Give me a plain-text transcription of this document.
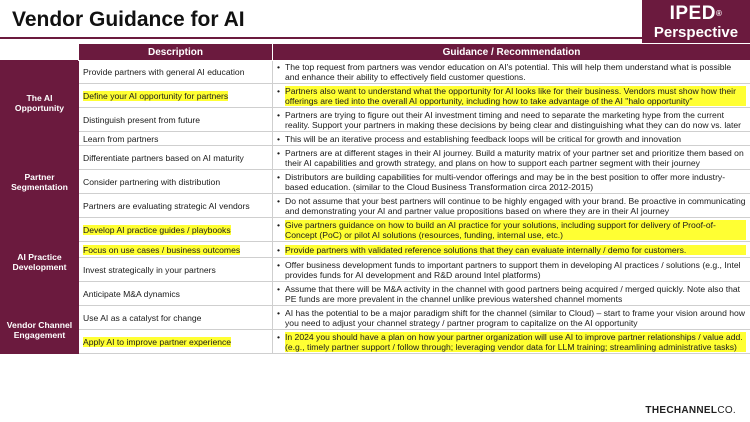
Vendor Guidance for AI	IPED®
Perspective
	Description	Guidance / Recommendation
The AI Opportunity	Provide partners with general AI education	• The top request from partners was vendor education on AI's potential. This will help them understand what is possible and enhance their ability to effectively field customer questions.

	Define your AI opportunity for partners	• Partners also want to understand what the opportunity for AI looks like for their business. Vendors must show how their offerings are tied into the overall AI opportunity, including how to take advantage of the AI "halo opportunity"

	Distinguish present from future	• Partners are trying to figure out their AI investment timing and need to separate the marketing hype from the current reality. Support your partners in making these decisions by being clear and distinguishing what they can do now vs. later

	Learn from partners	• This will be an iterative process and establishing feedback loops will be critical for growth and innovation

Partner Segmentation	Differentiate partners based on AI maturity	• Partners are at different stages in their AI journey. Build a maturity matrix of your partner set and prioritize them based on their AI capabilities and growth strategy, and plans on how to support each partner segment with their journey

	Consider partnering with distribution	• Distributors are building capabilities for multi-vendor offerings and may be in the best position to offer more industry-based education. (similar to the Cloud Business Transformation circa 2012-2015)

	Partners are evaluating strategic AI vendors	• Do not assume that your best partners will continue to be highly engaged with your brand. Be proactive in communicating and demonstrating your AI and partner value propositions based on where they are in their AI journey

AI Practice Development	Develop AI practice guides / playbooks	• Give partners guidance on how to build an AI practice for your solutions, including support for delivery of Proof-of-Concept (PoC) or pilot AI solutions (resources, funding, internal use, etc.)

	Focus on use cases / business outcomes	• Provide partners with validated reference solutions that they can evaluate internally / demo for customers.

	Invest strategically in your partners	• Offer business development funds to important partners to support them in developing AI practices / solutions (e.g., Intel provides funds for AI development and R&D around Intel platforms)

	Anticipate M&A dynamics	• Assume that there will be M&A activity in the channel with good partners being acquired / merged quickly. Note also that PE funds are more prevalent in the channel unlike previous watershed channel moments

Vendor Channel Engagement	Use AI as a catalyst for change	• AI has the potential to be a major paradigm shift for the channel (similar to Cloud) – start to frame your vision around how you need to adjust your channel strategy / partner program to capitalize on the AI opportunity

	Apply AI to improve partner experience	• In 2024 you should have a plan on how your partner organization will use AI to improve partner relationships / value add. (e.g., timely partner support / follow through; leveraging vendor data for LLM training; streamlining administrative tasks)
THECHANNELCO.
